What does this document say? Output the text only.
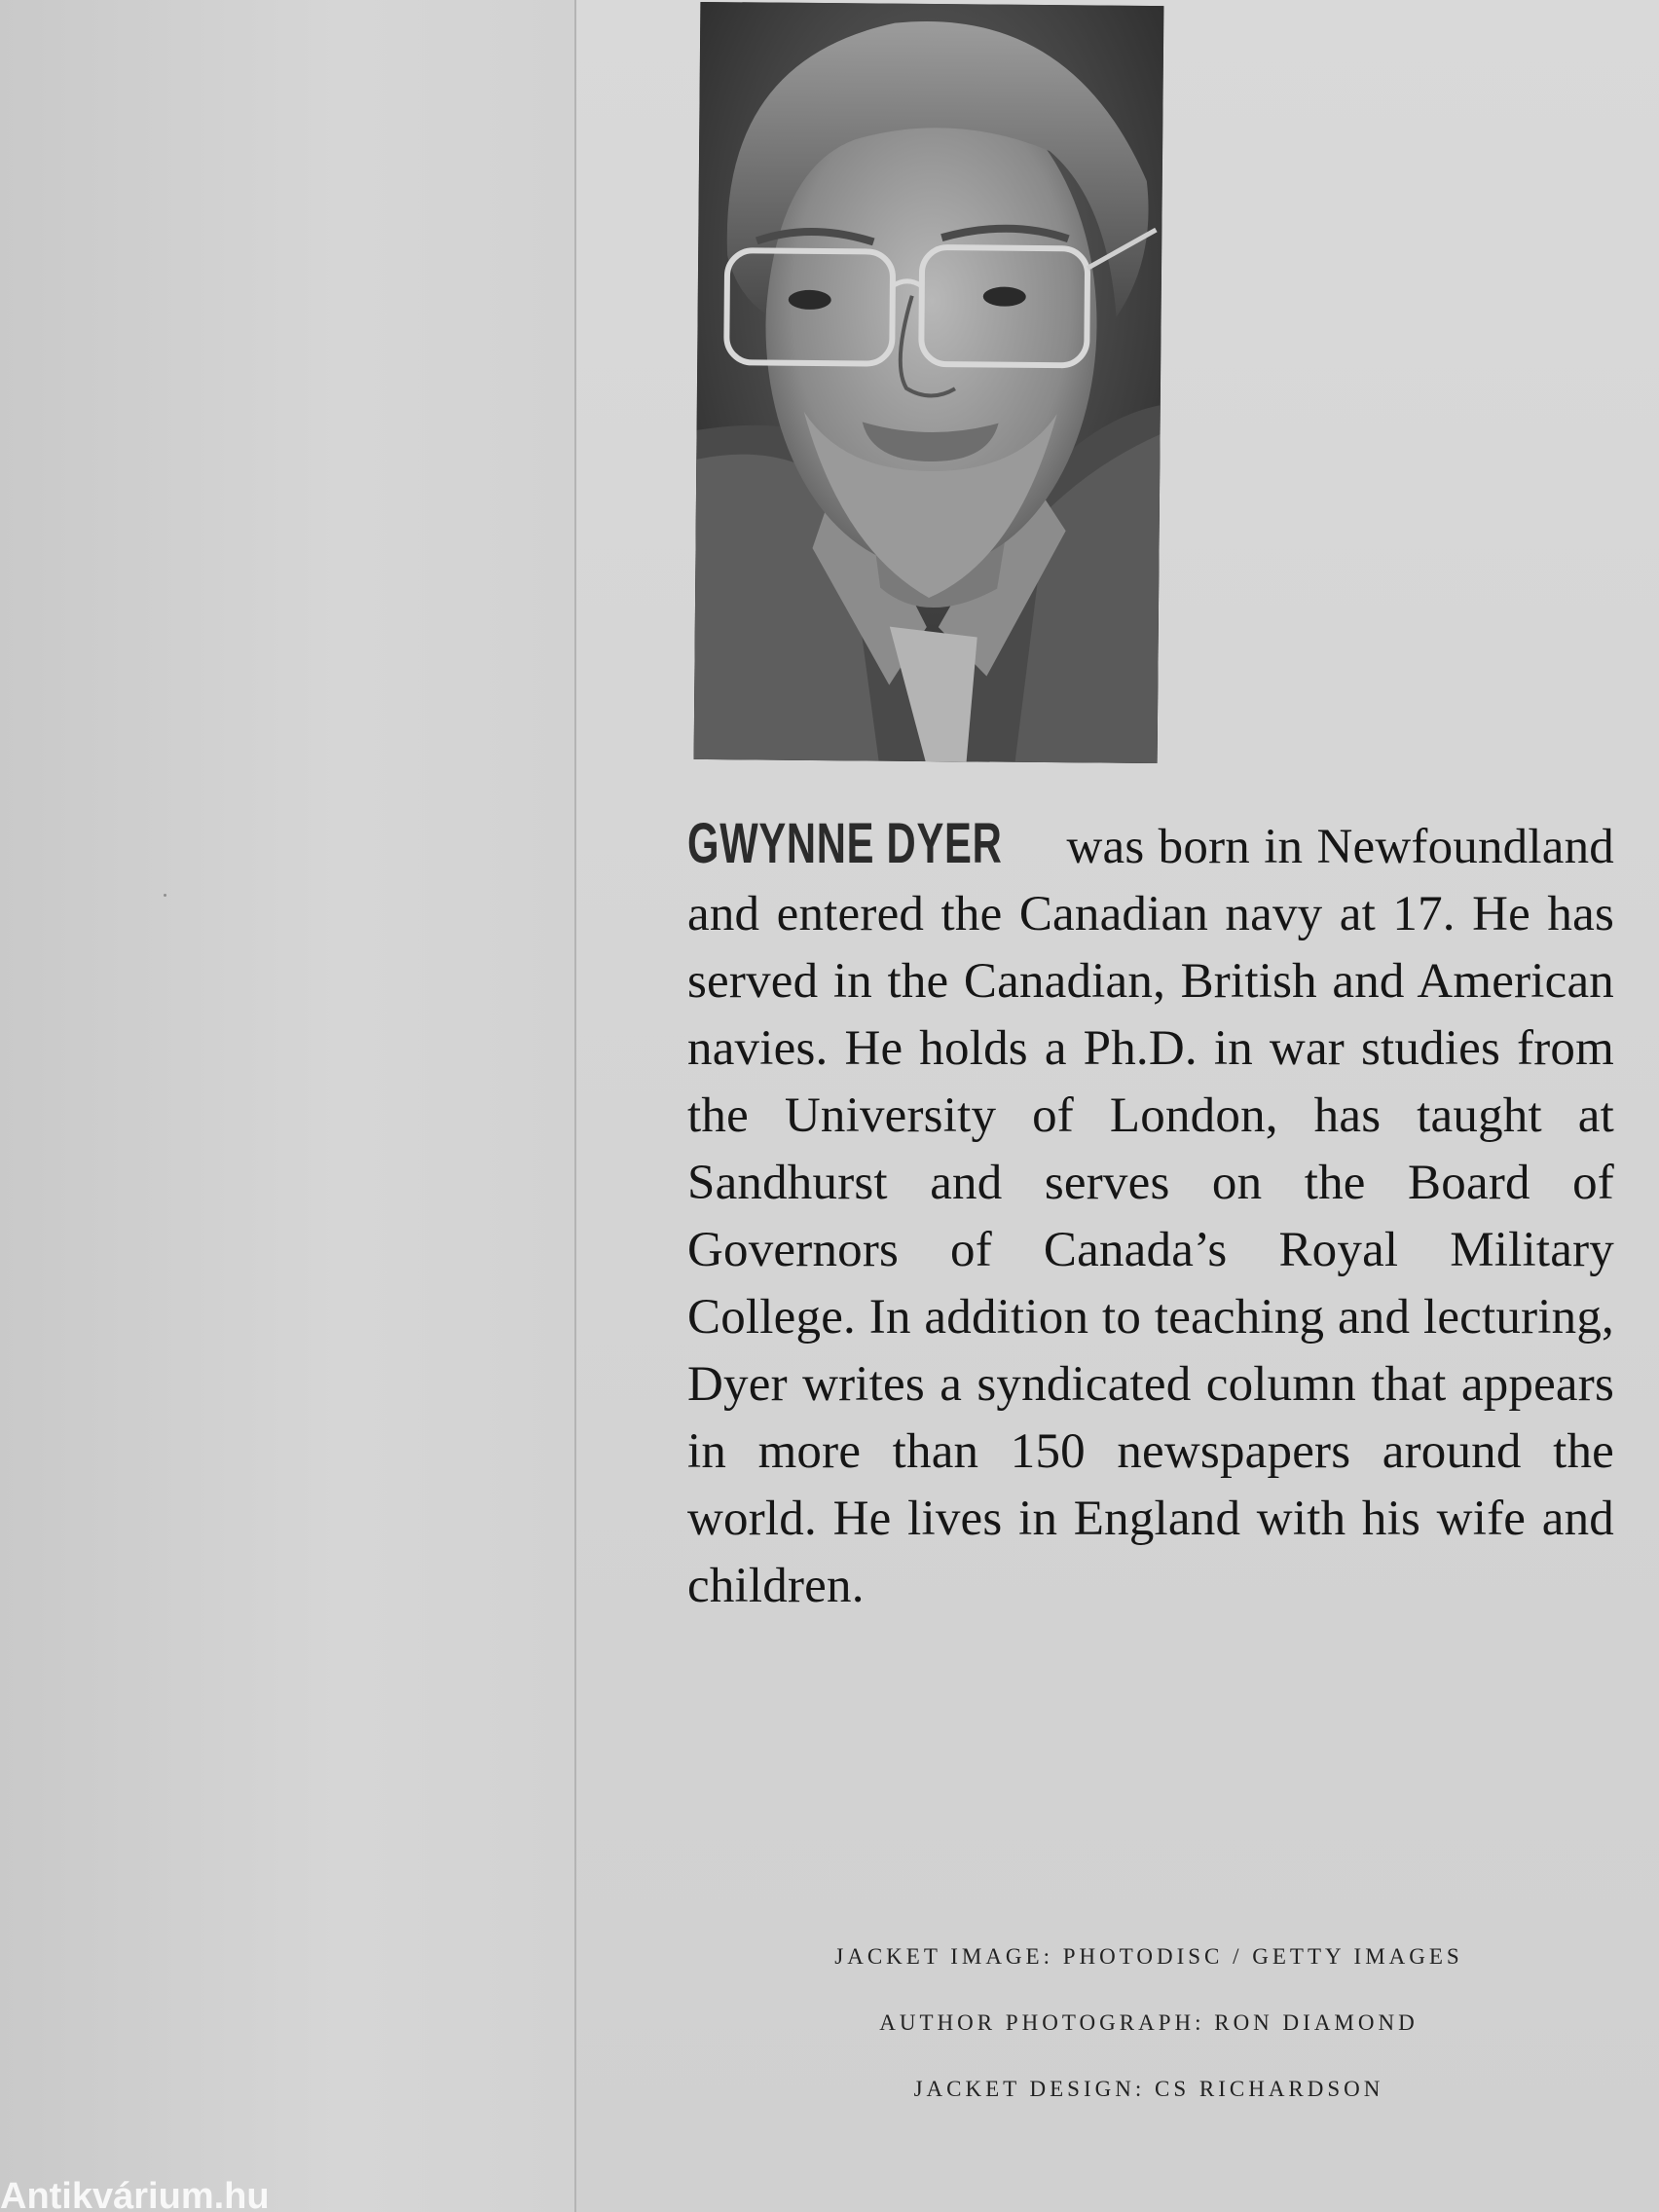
GWYNNE DYER was born in Newfoundland and entered the Canadian navy at 17. He has served in the Canadian, British and American navies. He holds a Ph.D. in war studies from the University of London, has taught at Sandhurst and serves on the Board of Governors of Canada’s Royal Military College. In addition to teaching and lecturing, Dyer writes a syndicated column that appears in more than 150 newspapers around the world. He lives in England with his wife and children.

JACKET IMAGE: PHOTODISC / GETTY IMAGES
AUTHOR PHOTOGRAPH: RON DIAMOND
JACKET DESIGN: CS RICHARDSON
Antikvárium.hu
